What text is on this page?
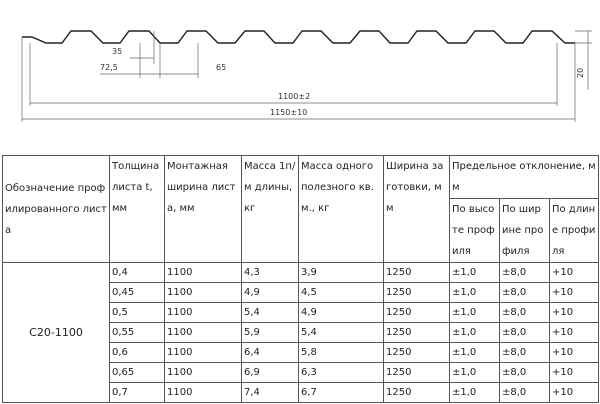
35
72,5	65
1100±2
1150±10
20
Обозначение профилированного листа	Толщина листа t, мм	Монтажная ширина листа, мм	Масса 1п/м длины, кг	Масса одного полезного кв.м., кг	Ширина заготовки, мм	Предельное отклонение, мм		

						По высоте профиля	По ширине профиля	По длине профиля

С20-1100	0,4	1100	4,3	3,9	1250	±1,0	±8,0	+10
	0,45	1100	4,9	4,5	1250	±1,0	±8,0	+10
	0,5	1100	5,4	4,9	1250	±1,0	±8,0	+10
	0,55	1100	5,9	5,4	1250	±1,0	±8,0	+10
	0,6	1100	6,4	5,8	1250	±1,0	±8,0	+10
	0,65	1100	6,9	6,3	1250	±1,0	±8,0	+10
	0,7	1100	7,4	6,7	1250	±1,0	±8,0	+10
